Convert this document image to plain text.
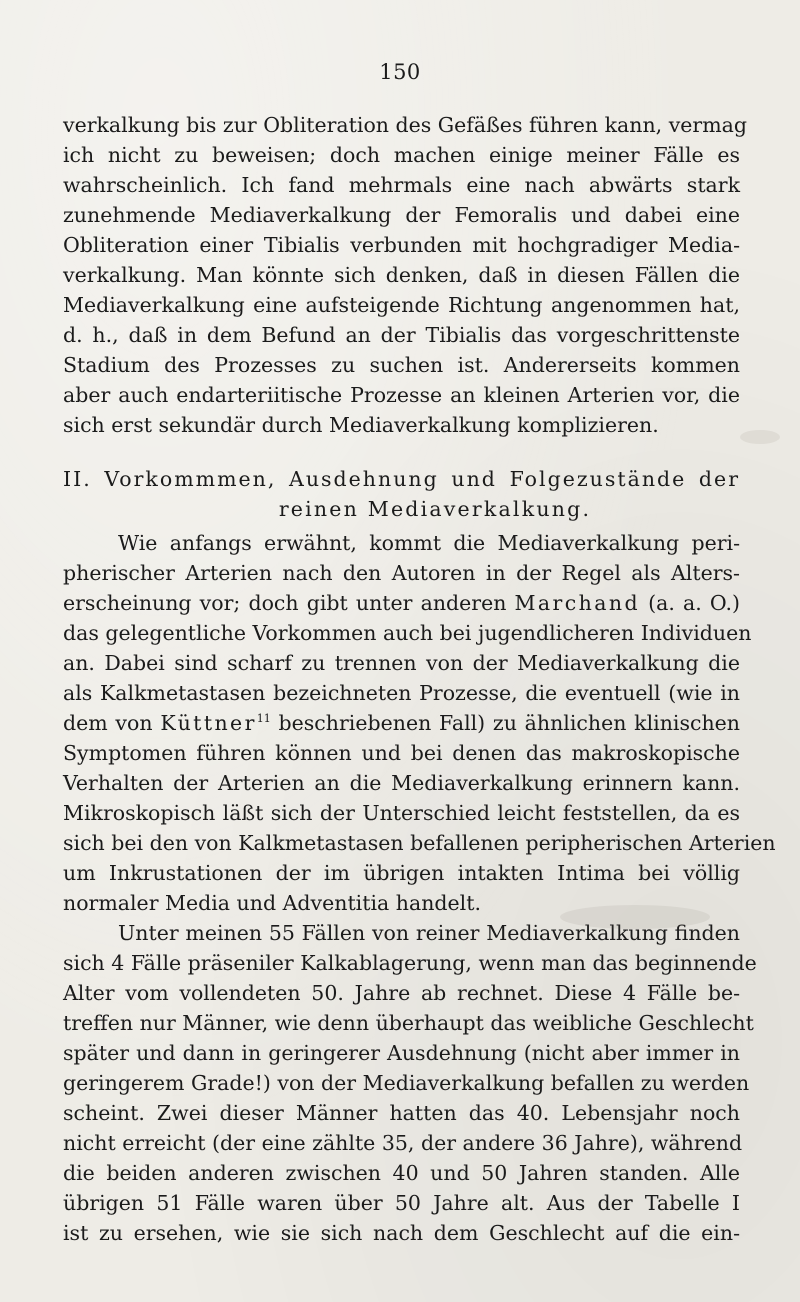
150
verkalkung bis zur Obliteration des Gefäßes führen kann, vermag
ich nicht zu beweisen; doch machen einige meiner Fälle es
wahrscheinlich. Ich fand mehrmals eine nach abwärts stark
zunehmende Mediaverkalkung der Femoralis und dabei eine
Obliteration einer Tibialis verbunden mit hochgradiger Media-
verkalkung. Man könnte sich denken, daß in diesen Fällen die
Mediaverkalkung eine aufsteigende Richtung angenommen hat,
d. h., daß in dem Befund an der Tibialis das vorgeschrittenste
Stadium des Prozesses zu suchen ist. Andererseits kommen
aber auch endarteriitische Prozesse an kleinen Arterien vor, die
sich erst sekundär durch Mediaverkalkung komplizieren.
II. Vorkommmen, Ausdehnung und Folgezustände der
reinen Mediaverkalkung.
Wie anfangs erwähnt, kommt die Mediaverkalkung peri-
pherischer Arterien nach den Autoren in der Regel als Alters-
erscheinung vor; doch gibt unter anderen Marchand (a. a. O.)
das gelegentliche Vorkommen auch bei jugendlicheren Individuen
an. Dabei sind scharf zu trennen von der Mediaverkalkung die
als Kalkmetastasen bezeichneten Prozesse, die eventuell (wie in
dem von Küttner$^{11}$ beschriebenen Fall) zu ähnlichen klinischen
Symptomen führen können und bei denen das makroskopische
Verhalten der Arterien an die Mediaverkalkung erinnern kann.
Mikroskopisch läßt sich der Unterschied leicht feststellen, da es
sich bei den von Kalkmetastasen befallenen peripherischen Arterien
um Inkrustationen der im übrigen intakten Intima bei völlig
normaler Media und Adventitia handelt.
Unter meinen 55 Fällen von reiner Mediaverkalkung finden
sich 4 Fälle präseniler Kalkablagerung, wenn man das beginnende
Alter vom vollendeten 50. Jahre ab rechnet. Diese 4 Fälle be-
treffen nur Männer, wie denn überhaupt das weibliche Geschlecht
später und dann in geringerer Ausdehnung (nicht aber immer in
geringerem Grade!) von der Mediaverkalkung befallen zu werden
scheint. Zwei dieser Männer hatten das 40. Lebensjahr noch
nicht erreicht (der eine zählte 35, der andere 36 Jahre), während
die beiden anderen zwischen 40 und 50 Jahren standen. Alle
übrigen 51 Fälle waren über 50 Jahre alt. Aus der Tabelle I
ist zu ersehen, wie sie sich nach dem Geschlecht auf die ein-
